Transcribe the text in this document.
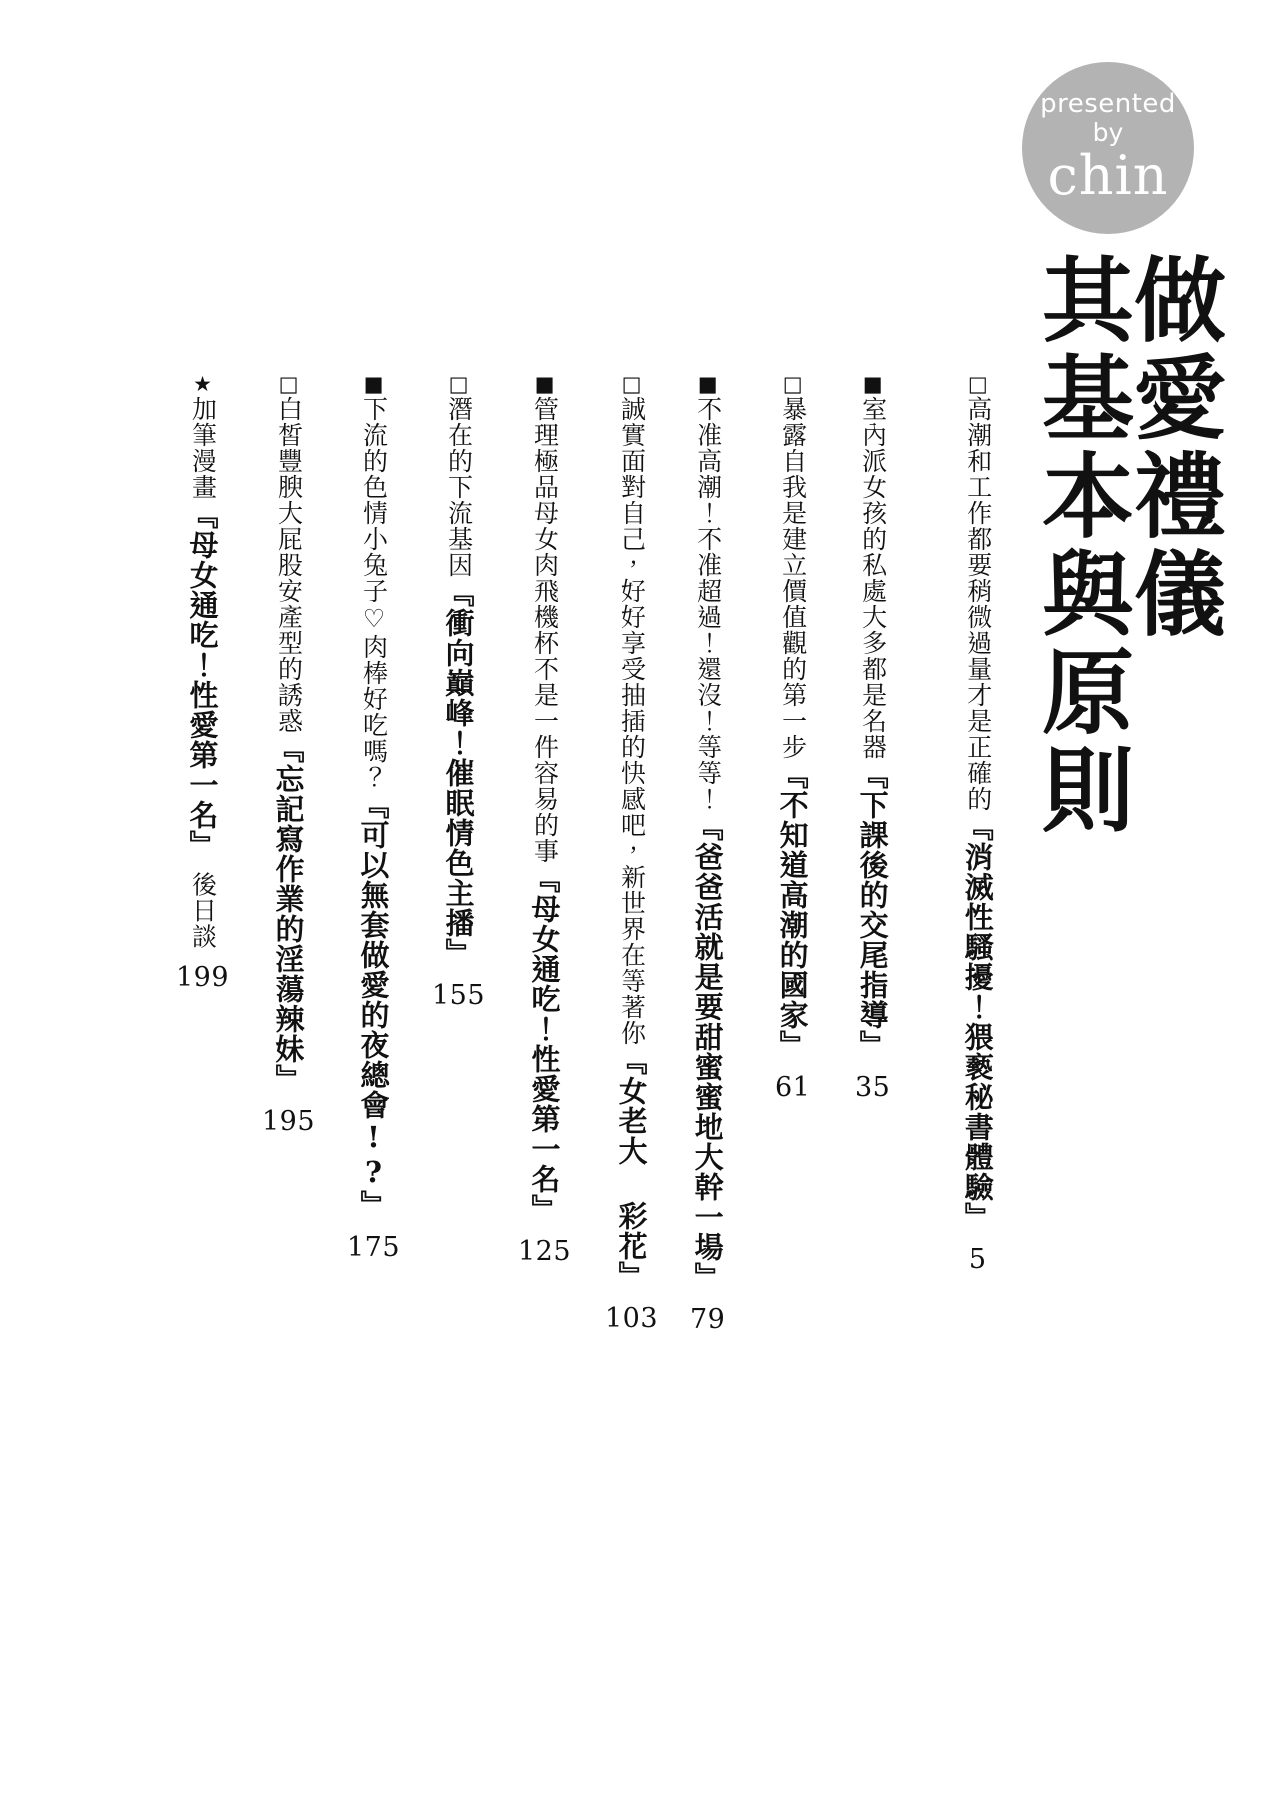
presented
by
chin
其基本與原則
做愛禮儀
□高潮和工作都要稍微過量才是正確的『消滅性騷擾！猥褻秘書體驗』5
■室內派女孩的私處大多都是名器『下課後的交尾指導』35
□暴露自我是建立價值觀的第一步『不知道高潮的國家』61
■不准高潮！不准超過！還沒！等等！『爸爸活就是要甜蜜蜜地大幹一場』79
□誠實面對自己，好好享受抽插的快感吧，新世界在等著你『女老大 彩花』103
■管理極品母女肉飛機杯不是一件容易的事『母女通吃！性愛第一名』125
□潛在的下流基因『衝向巔峰！催眠情色主播』155
■下流的色情小兔子♡肉棒好吃嗎？『可以無套做愛的夜總會!?』175
□白皙豐腴大屁股安產型的誘惑『忘記寫作業的淫蕩辣妹』195
★加筆漫畫『母女通吃！性愛第一名』　後日談199
